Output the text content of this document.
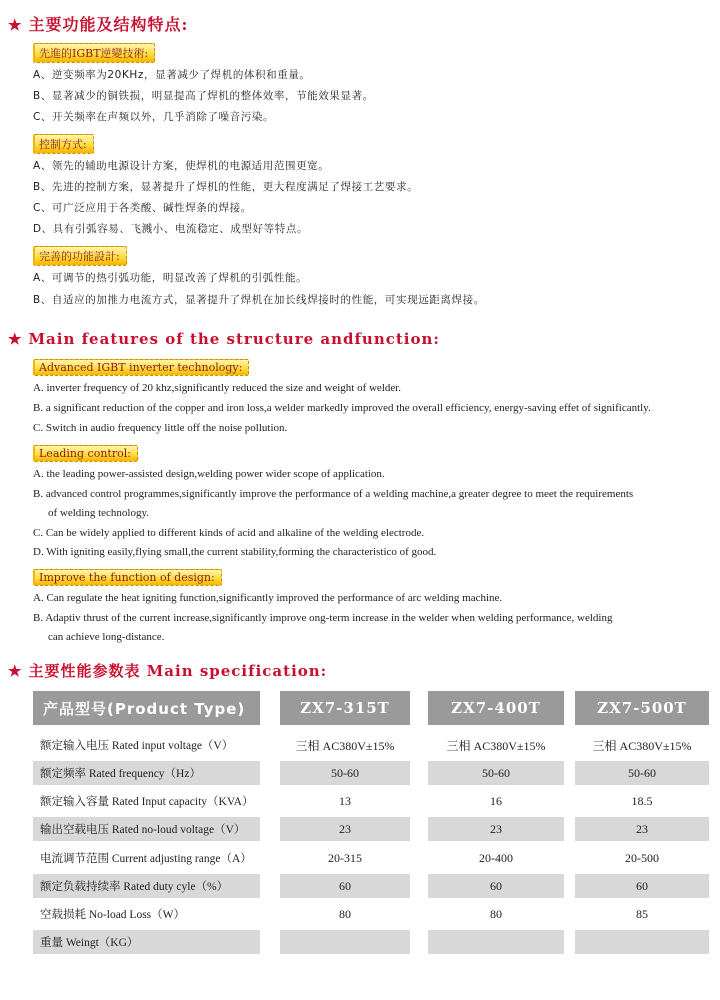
★ 主要功能及结构特点:
先進的IGBT逆變技術:
A、逆变频率为20KHz，显著减少了焊机的体积和重量。
B、显著减少的铜铁损，明显提高了焊机的整体效率，节能效果显著。
C、开关频率在声频以外，几乎消除了噪音污染。
控制方式:
A、领先的辅助电源设计方案，使焊机的电源适用范围更宽。
B、先进的控制方案，显著提升了焊机的性能，更大程度满足了焊接工艺要求。
C、可广泛应用于各类酸、碱性焊条的焊接。
D、具有引弧容易、飞溅小、电流稳定、成型好等特点。
完善的功能設計:
A、可调节的热引弧功能，明显改善了焊机的引弧性能。
B、自适应的加推力电流方式，显著提升了焊机在加长线焊接时的性能，可实现远距离焊接。
★ Main features of the structure andfunction:
Advanced IGBT inverter technology:
A. inverter frequency of 20 khz,significantly reduced the size and weight of welder.
B. a significant reduction of the copper and iron loss,a welder markedly improved the overall efficiency, energy-saving effet of significantly.
C. Switch in audio frequency little off the noise pollution.
Leading control:
A. the leading power-assisted design,welding power wider scope of application.
B. advanced control programmes,significantly improve the performance of a welding machine,a greater degree to meet the requirements
of welding technology.
C. Can be widely applied to different kinds of acid and alkaline of the welding electrode.
D. With igniting easily,flying small,the current stability,forming the characteristico of good.
Improve the function of design:
A. Can regulate the heat igniting function,significantly improved the performance of arc welding machine.
B. Adaptiv thrust of the current increase,significantly improve ong-term increase in the welder when welding performance, welding
can achieve long-distance.
★ 主要性能参数表 Main specification:
产品型号(Product Type)	ZX7-315T	ZX7-400T	ZX7-500T
额定输入电压 Rated input voltage（V）	三相 AC380V±15%	三相 AC380V±15%	三相 AC380V±15%
额定频率 Rated frequency（Hz）	50-60	50-60	50-60
额定输入容量 Rated Input capacity（KVA）	13	16	18.5
输出空载电压 Rated no-loud voltage（V）	23	23	23
电流调节范围 Current adjusting range（A）	20-315	20-400	20-500
额定负载持续率 Rated duty cyle（%）	60	60	60
空载损耗 No-load Loss（W）	80	80	85
重量 Weingt（KG）
